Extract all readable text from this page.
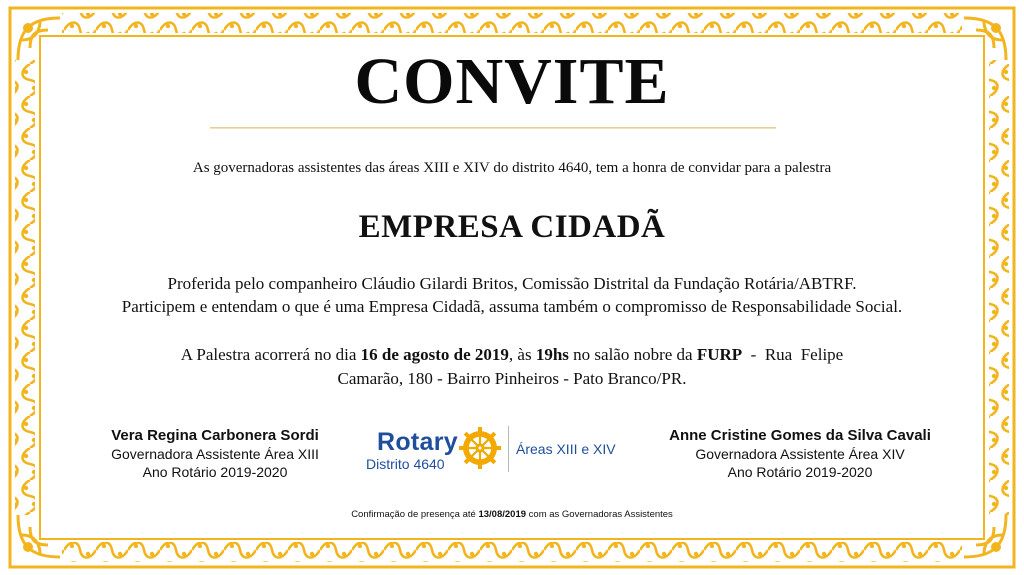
CONVITE
As governadoras assistentes das áreas XIII e XIV do distrito 4640, tem a honra de convidar para a palestra
EMPRESA CIDADÃ
Proferida pelo companheiro Cláudio Gilardi Britos, Comissão Distrital da Fundação Rotária/ABTRF.
Participem e entendam o que é uma Empresa Cidadã, assuma também o compromisso de Responsabilidade Social.
A Palestra acorrerá no dia 16 de agosto de 2019, às 19hs no salão nobre da FURP  -  Rua  Felipe
Camarão, 180 - Bairro Pinheiros - Pato Branco/PR.
Vera Regina Carbonera Sordi
Governadora Assistente Área XIII
Ano Rotário 2019-2020
Rotary
Distrito 4640
Áreas XIII e XIV
Anne Cristine Gomes da Silva Cavali
Governadora Assistente Área XIV
Ano Rotário 2019-2020
Confirmação de presença até 13/08/2019 com as Governadoras Assistentes
